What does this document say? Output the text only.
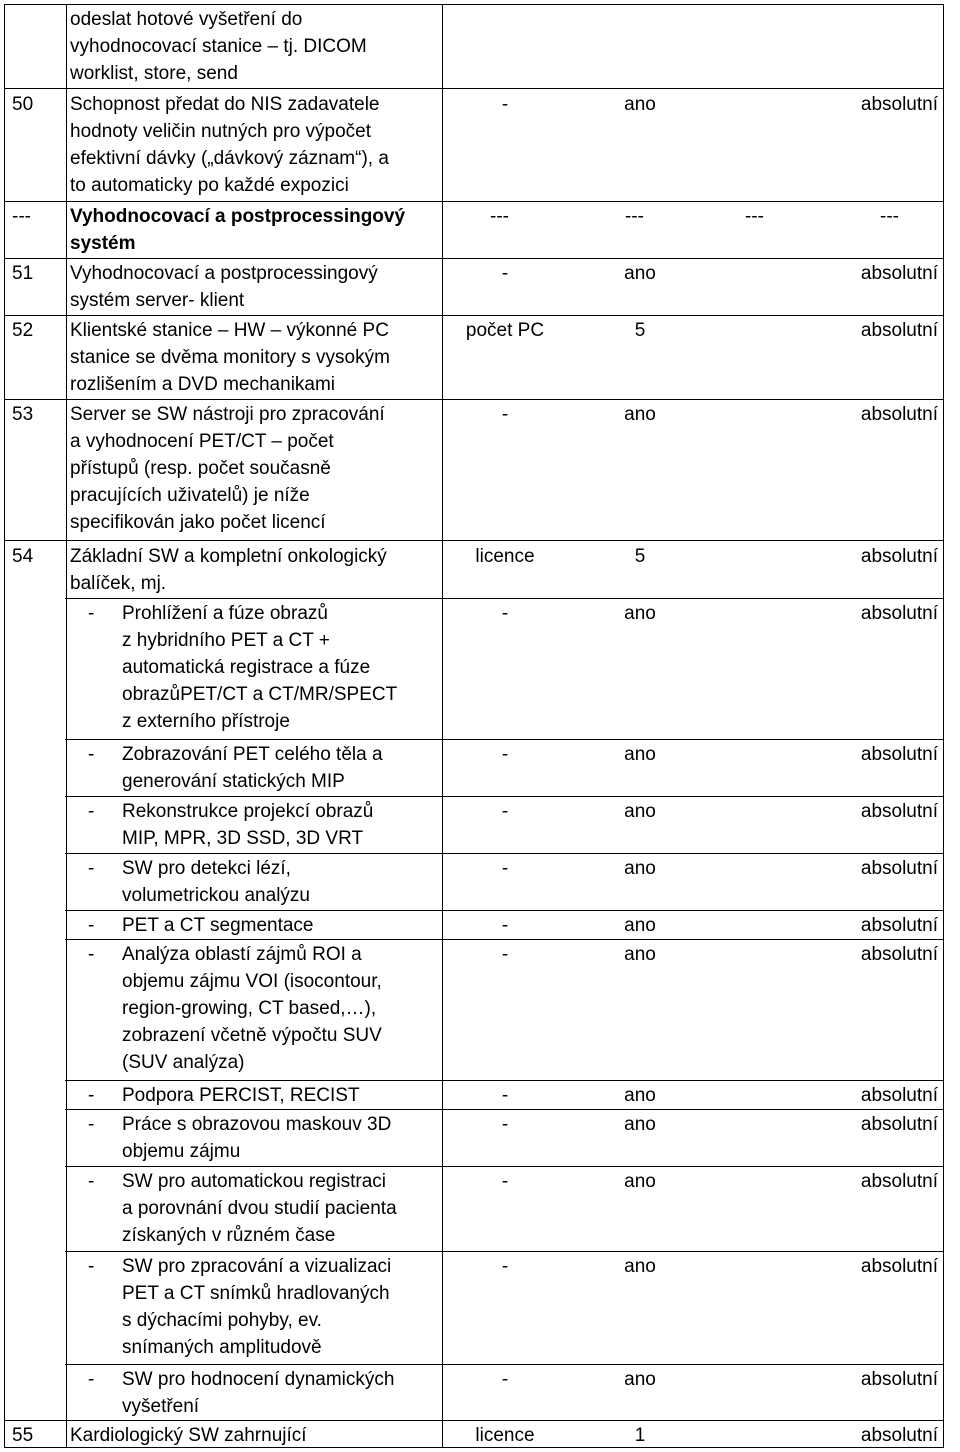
odeslat hotové vyšetření do
vyhodnocovací stanice – tj. DICOM
worklist, store, send
50	Schopnost předat do NIS zadavatele
hodnoty veličin nutných pro výpočet
efektivní dávky („dávkový záznam“), a
to automaticky po každé expozici
-	ano	absolutní
---	Vyhodnocovací a postprocessingový
systém
---	---	---	---
51	Vyhodnocovací a postprocessingový
systém server- klient
-	ano	absolutní
52	Klientské stanice – HW – výkonné PC
stanice se dvěma monitory s vysokým
rozlišením a DVD mechanikami
počet PC	5	absolutní
53	Server se SW nástroji pro zpracování
a vyhodnocení PET/CT – počet
přístupů (resp. počet současně
pracujících uživatelů) je níže
specifikován jako počet licencí
-	ano	absolutní
54	Základní SW a kompletní onkologický
balíček, mj.
licence	5	absolutní
- Prohlížení a fúze obrazů
z hybridního PET a CT +
automatická registrace a fúze
obrazůPET/CT a CT/MR/SPECT
z externího přístroje
-	ano	absolutní
- Zobrazování PET celého těla a
generování statických MIP
-	ano	absolutní
- Rekonstrukce projekcí obrazů
MIP, MPR, 3D SSD, 3D VRT
-	ano	absolutní
- SW pro detekci lézí,
volumetrickou analýzu
-	ano	absolutní
- PET a CT segmentace	-	ano	absolutní
- Analýza oblastí zájmů ROI a
objemu zájmu VOI (isocontour,
region-growing, CT based,…),
zobrazení včetně výpočtu SUV
(SUV analýza)
-	ano	absolutní
- Podpora PERCIST, RECIST	-	ano	absolutní
- Práce s obrazovou maskouv 3D
objemu zájmu
-	ano	absolutní
- SW pro automatickou registraci
a porovnání dvou studií pacienta
získaných v různém čase
-	ano	absolutní
- SW pro zpracování a vizualizaci
PET a CT snímků hradlovaných
s dýchacími pohyby, ev.
snímaných amplitudově
-	ano	absolutní
- SW pro hodnocení dynamických
vyšetření
-	ano	absolutní
55	Kardiologický SW zahrnující	licence	1	absolutní
